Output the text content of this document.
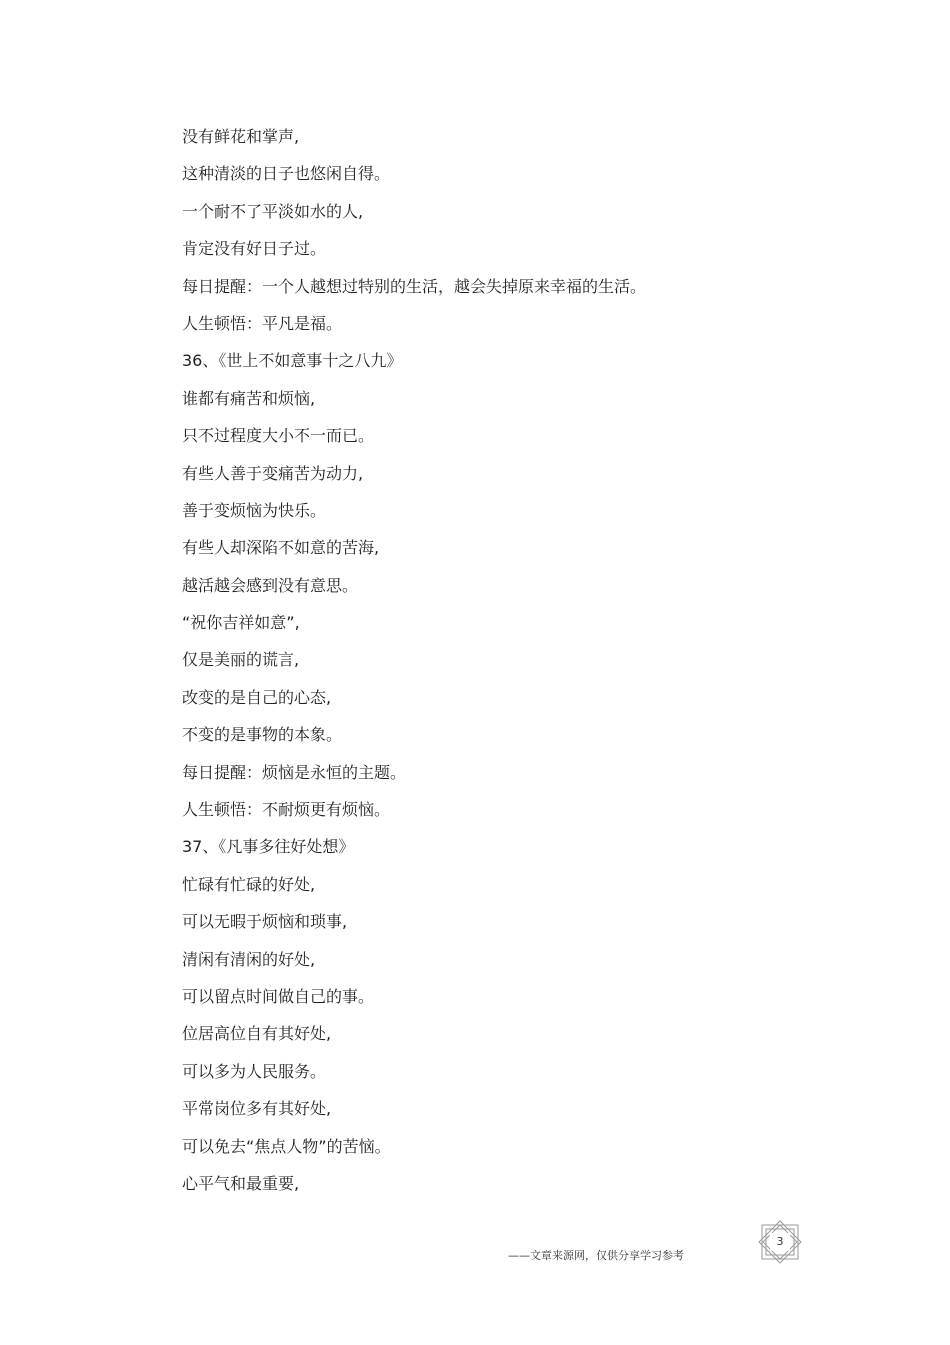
没有鲜花和掌声,
这种清淡的日子也悠闲自得。
一个耐不了平淡如水的人,
肯定没有好日子过。
每日提醒：一个人越想过特别的生活，越会失掉原来幸福的生活。
人生顿悟：平凡是福。
36、《世上不如意事十之八九》
谁都有痛苦和烦恼,
只不过程度大小不一而已。
有些人善于变痛苦为动力,
善于变烦恼为快乐。
有些人却深陷不如意的苦海,
越活越会感到没有意思。
“祝你吉祥如意”,
仅是美丽的谎言,
改变的是自己的心态,
不变的是事物的本象。
每日提醒：烦恼是永恒的主题。
人生顿悟：不耐烦更有烦恼。
37、《凡事多往好处想》
忙碌有忙碌的好处,
可以无暇于烦恼和琐事,
清闲有清闲的好处,
可以留点时间做自己的事。
位居高位自有其好处,
可以多为人民服务。
平常岗位多有其好处,
可以免去“焦点人物”的苦恼。
心平气和最重要,
——文章来源网，仅供分享学习参考
3
